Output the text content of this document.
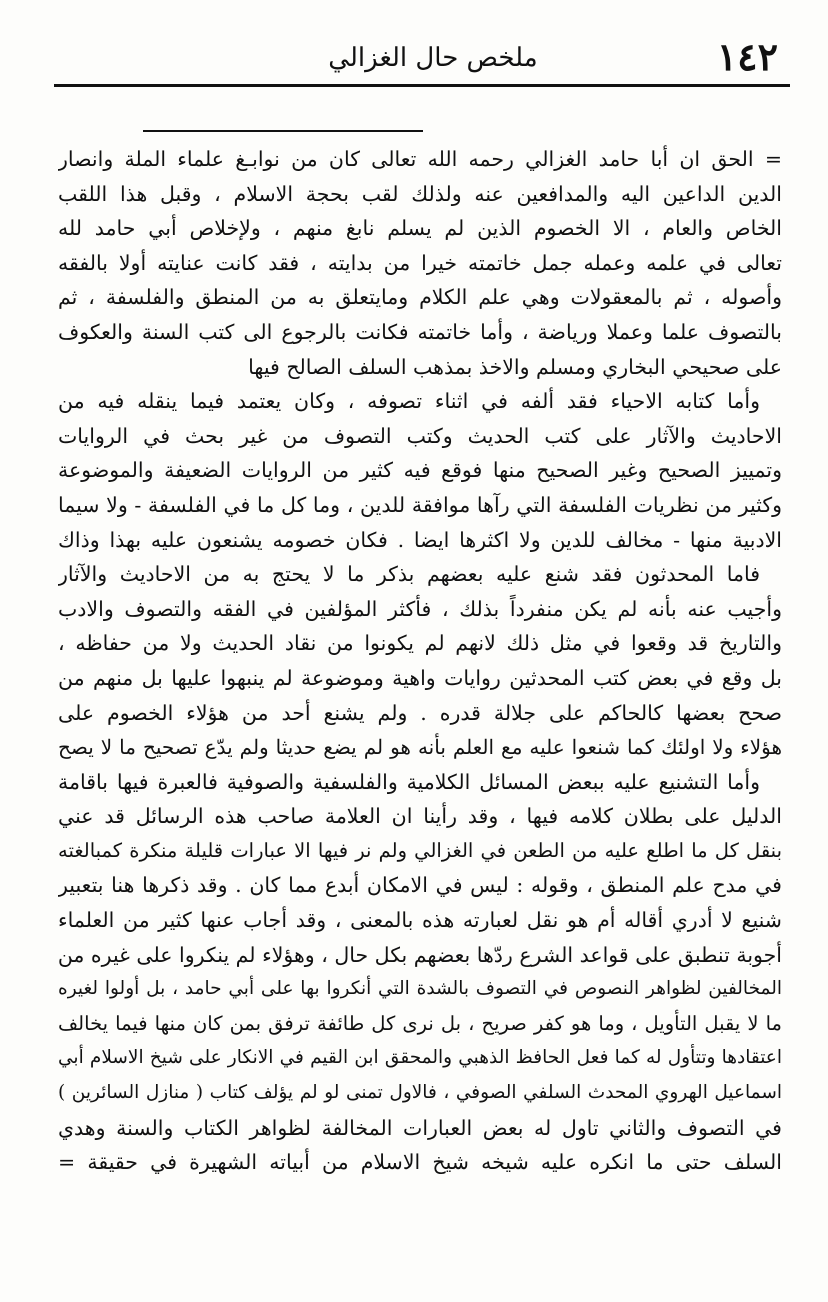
١٤٢
ملخص حال الغزالي
= الحق ان أبا حامد الغزالي رحمه الله تعالى كان من نوابـغ علماء الملة وانصار
الدين الداعين اليه والمدافعين عنه ولذلك لقب بحجة الاسلام ، وقبل هذا اللقب
الخاص والعام ، الا الخصوم الذين لم يسلم نابغ منهم ، ولإخلاص أبي حامد لله
تعالى في علمه وعمله جمل خاتمته خيرا من بدايته ، فقد كانت عنايته أولا بالفقه
وأصوله ، ثم بالمعقولات وهي علم الكلام ومايتعلق به من المنطق والفلسفة ، ثم
بالتصوف علما وعملا ورياضة ، وأما خاتمته فكانت بالرجوع الى كتب السنة والعكوف
على صحيحي البخاري ومسلم والاخذ بمذهب السلف الصالح فيها
وأما كتابه الاحياء فقد ألفه في اثناء تصوفه ، وكان يعتمد فيما ينقله فيه من
الاحاديث والآثار على كتب الحديث وكتب التصوف من غير بحث في الروايات
وتمييز الصحيح وغير الصحيح منها فوقع فيه كثير من الروايات الضعيفة والموضوعة
وكثير من نظريات الفلسفة التي رآها موافقة للدين ، وما كل ما في الفلسفة - ولا سيما
الادبية منها - مخالف للدين ولا اكثرها ايضا . فكان خصومه يشنعون عليه بهذا وذاك
فاما المحدثون فقد شنع عليه بعضهم بذكر ما لا يحتج به من الاحاديث والآثار
وأجيب عنه بأنه لم يكن منفرداً بذلك ، فأكثر المؤلفين في الفقه والتصوف والادب
والتاريخ قد وقعوا في مثل ذلك لانهم لم يكونوا من نقاد الحديث ولا من حفاظه ،
بل وقع في بعض كتب المحدثين روايات واهية وموضوعة لم ينبهوا عليها بل منهم من
صحح بعضها كالحاكم على جلالة قدره . ولم يشنع أحد من هؤلاء الخصوم على
هؤلاء ولا اولئك كما شنعوا عليه مع العلم بأنه هو لم يضع حديثا ولم يدّع تصحيح ما لا يصح
وأما التشنيع عليه ببعض المسائل الكلامية والفلسفية والصوفية فالعبرة فيها باقامة
الدليل على بطلان كلامه فيها ، وقد رأينا ان العلامة صاحب هذه الرسائل قد عني
بنقل كل ما اطلع عليه من الطعن في الغزالي ولم نر فيها الا عبارات قليلة منكرة كمبالغته
في مدح علم المنطق ، وقوله : ليس في الامكان أبدع مما كان . وقد ذكرها هنا بتعبير
شنيع لا أدري أقاله أم هو نقل لعبارته هذه بالمعنى ، وقد أجاب عنها كثير من العلماء
أجوبة تنطبق على قواعد الشرع ردّها بعضهم بكل حال ، وهؤلاء لم ينكروا على غيره من
المخالفين لظواهر النصوص في التصوف بالشدة التي أنكروا بها على أبي حامد ، بل أولوا لغيره
ما لا يقبل التأويل ، وما هو كفر صريح ، بل نرى كل طائفة ترفق بمن كان منها فيما يخالف
اعتقادها وتتأول له كما فعل الحافظ الذهبي والمحقق ابن القيم في الانكار على شيخ الاسلام أبي
اسماعيل الهروي المحدث السلفي الصوفي ، فالاول تمنى لو لم يؤلف كتاب ( منازل السائرين )
في التصوف والثاني تاول له بعض العبارات المخالفة لظواهر الكتاب والسنة وهدي
السلف حتى ما انكره عليه شيخه شيخ الاسلام من أبياته الشهيرة في حقيقة =
